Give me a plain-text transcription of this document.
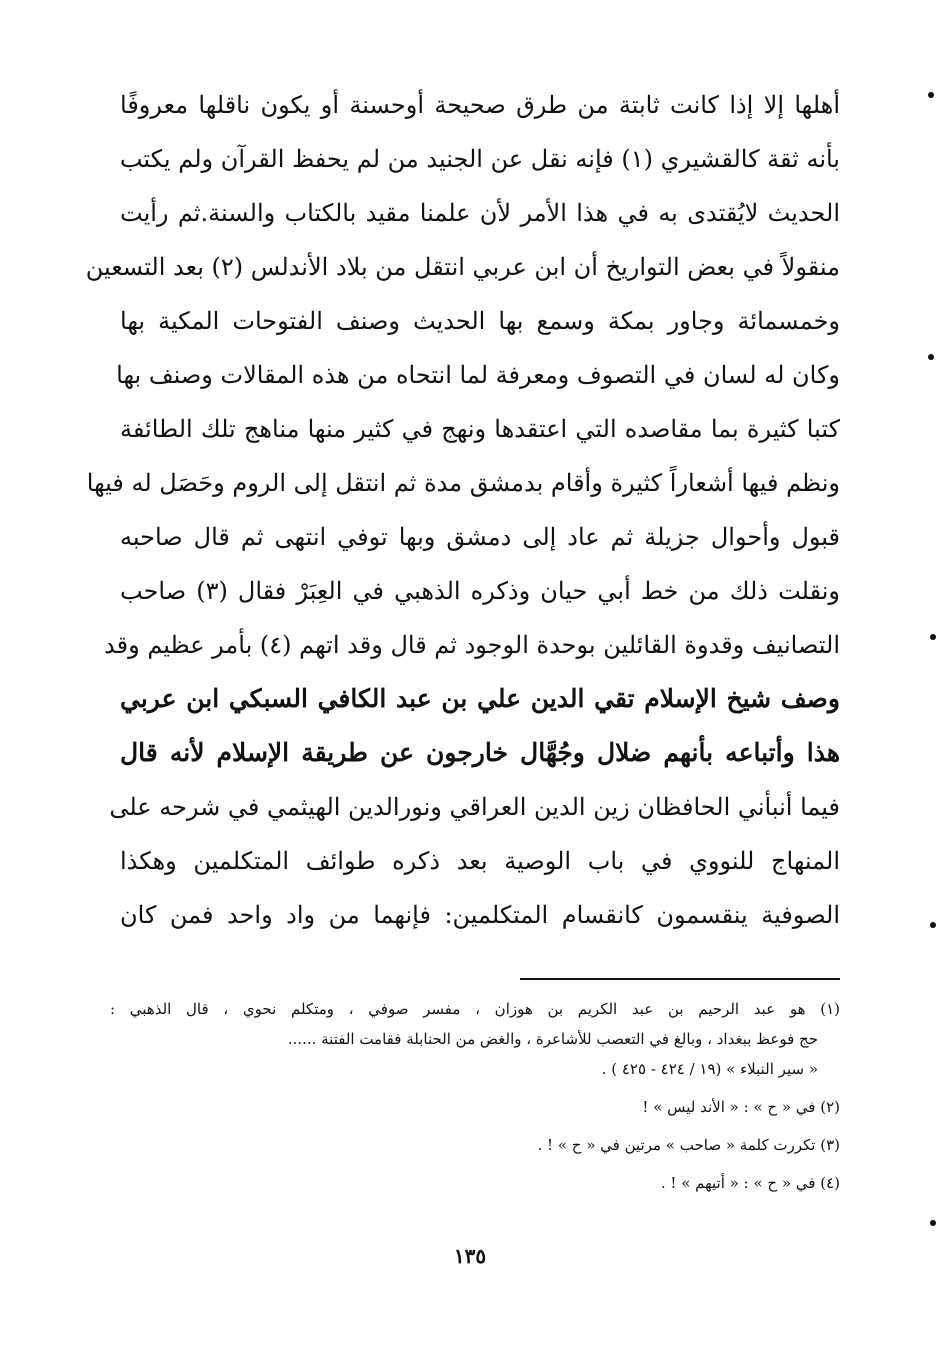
أهلها إلا إذا كانت ثابتة من طرق صحيحة أوحسنة أو يكون ناقلها معروفًا
بأنه ثقة كالقشيري (١) فإنه نقل عن الجنيد من لم يحفظ القرآن ولم يكتب
الحديث لايُقتدى به في هذا الأمر لأن علمنا مقيد بالكتاب والسنة.ثم رأيت
منقولاً في بعض التواريخ أن ابن عربي انتقل من بلاد الأندلس (٢) بعد التسعين
وخمسمائة وجاور بمكة وسمع بها الحديث وصنف الفتوحات المكية بها
وكان له لسان في التصوف ومعرفة لما انتحاه من هذه المقالات وصنف بها
كتبا كثيرة بما مقاصده التي اعتقدها ونهج في كثير منها مناهج تلك الطائفة
ونظم فيها أشعاراً كثيرة وأقام بدمشق مدة ثم انتقل إلى الروم وحَصَل له فيها
قبول وأحوال جزيلة ثم عاد إلى دمشق وبها توفي انتهى ثم قال صاحبه
ونقلت ذلك من خط أبي حيان وذكره الذهبي في العِبَرْ فقال (٣) صاحب
التصانيف وقدوة القائلين بوحدة الوجود ثم قال وقد اتهم (٤) بأمر عظيم وقد
وصف شيخ الإسلام تقي الدين علي بن عبد الكافي السبكي ابن عربي
هذا وأتباعه بأنهم ضلال وجُهَّال خارجون عن طريقة الإسلام لأنه قال
فيما أنبأني الحافظان زين الدين العراقي ونورالدين الهيثمي في شرحه على
المنهاج للنووي في باب الوصية بعد ذكره طوائف المتكلمين وهكذا
الصوفية ينقسمون كانقسام المتكلمين: فإنهما من واد واحد فمن كان
(١) هو عبد الرحيم بن عبد الكريم بن هوزان ، مفسر صوفي ، ومتكلم نحوي ، قال الذهبي :
حج فوعظ ببغداد ، وبالغ في التعصب للأشاعرة ، والغض من الحنابلة فقامت الفتنة ......
« سير النبلاء » (١٩ / ٤٢٤ - ٤٢٥ ) .
(٢) في « ح » : « الأند ليس » !
(٣) تكررت كلمة « صاحب » مرتين في « ح » ! .
(٤) في « ح » : « أتيهم » ! .
١٣٥
